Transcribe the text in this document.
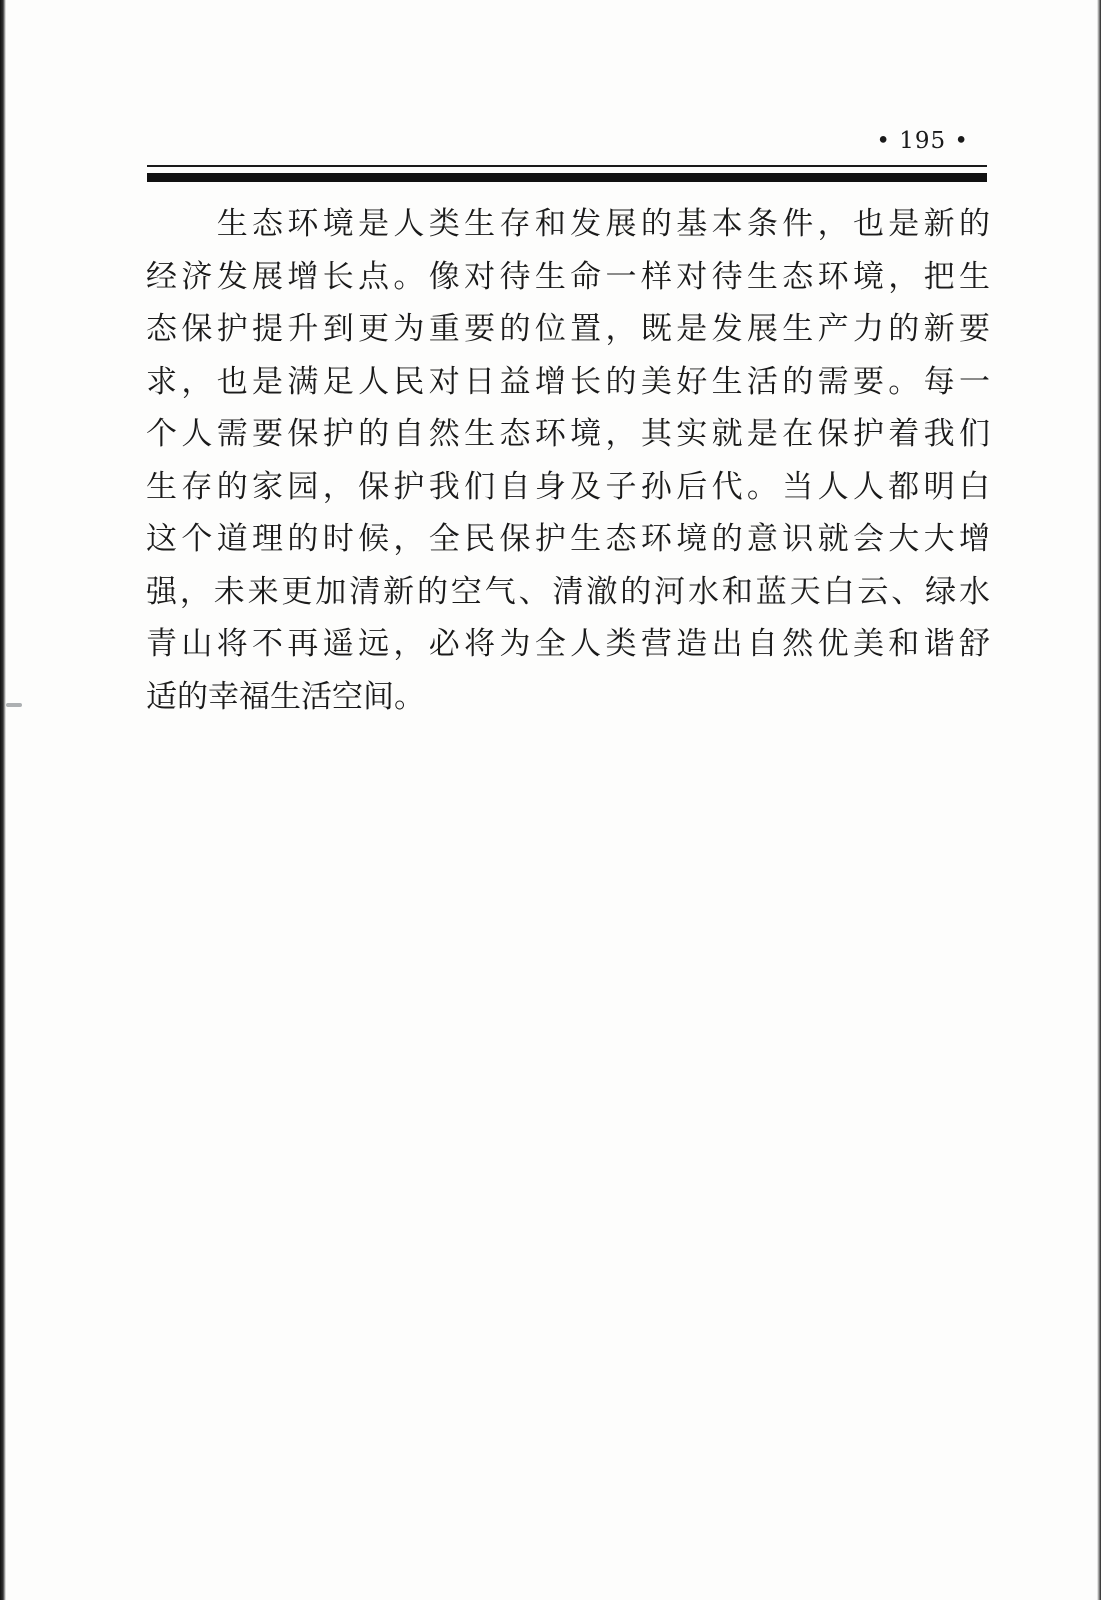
• 195 •
　　生态环境是人类生存和发展的基本条件，也是新的
经济发展增长点。像对待生命一样对待生态环境，把生
态保护提升到更为重要的位置，既是发展生产力的新要
求，也是满足人民对日益增长的美好生活的需要。每一
个人需要保护的自然生态环境，其实就是在保护着我们
生存的家园，保护我们自身及子孙后代。当人人都明白
这个道理的时候，全民保护生态环境的意识就会大大增
强，未来更加清新的空气、清澈的河水和蓝天白云、绿水
青山将不再遥远，必将为全人类营造出自然优美和谐舒
适的幸福生活空间。
